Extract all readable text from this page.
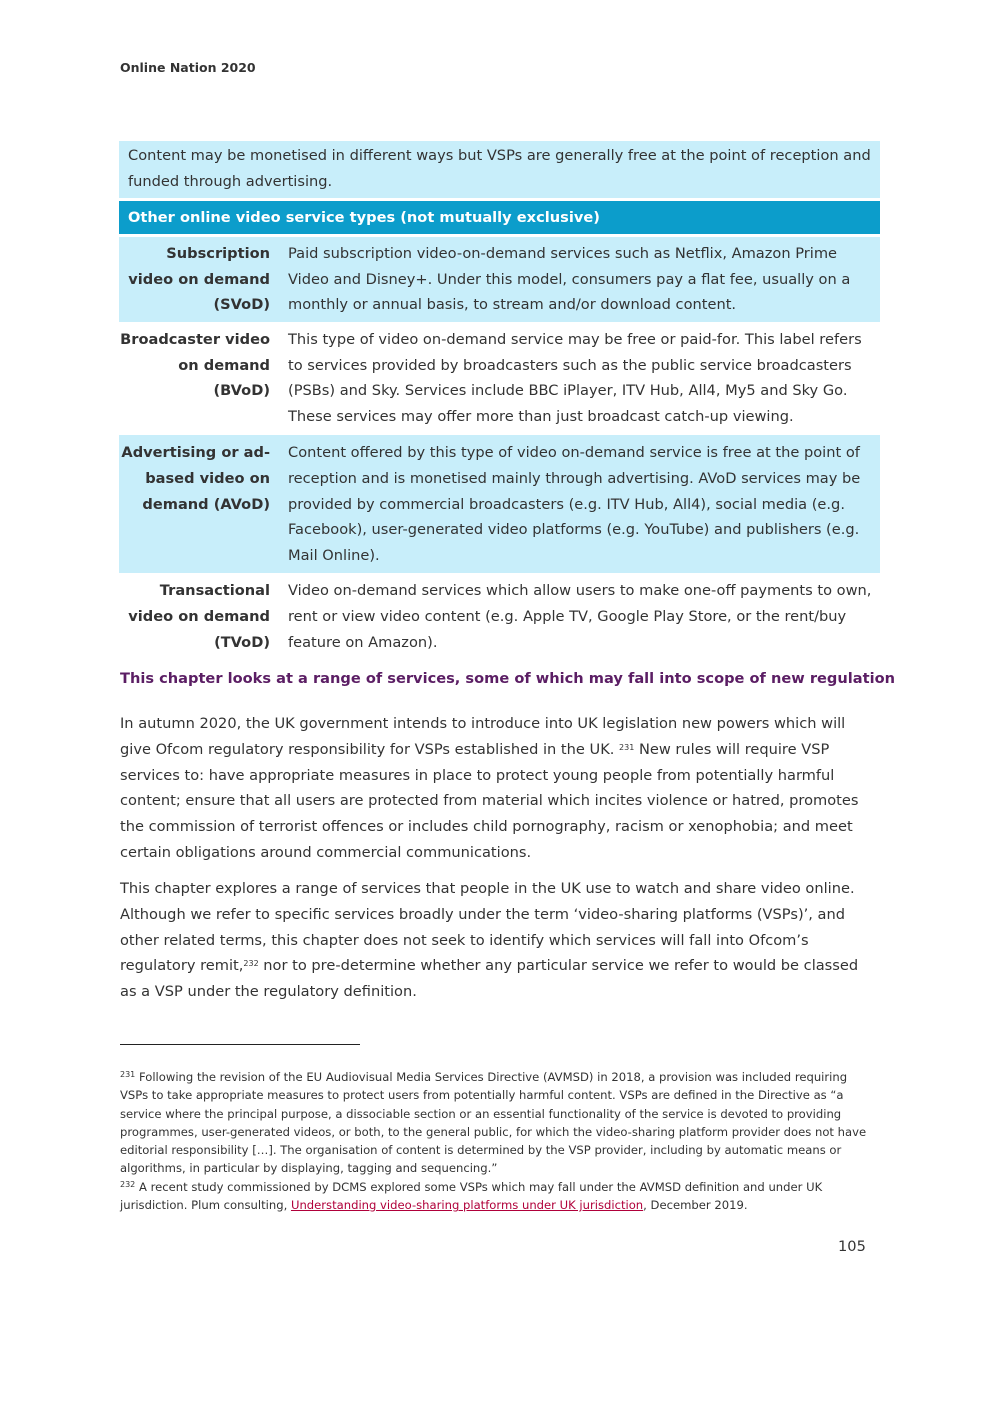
Online Nation 2020
Content may be monetised in different ways but VSPs are generally free at the point of reception and funded through advertising.
Other online video service types (not mutually exclusive)
Subscription video on demand (SVoD)
Paid subscription video-on-demand services such as Netflix, Amazon Prime Video and Disney+. Under this model, consumers pay a flat fee, usually on a monthly or annual basis, to stream and/or download content.
Broadcaster video on demand (BVoD)
This type of video on-demand service may be free or paid-for. This label refers to services provided by broadcasters such as the public service broadcasters (PSBs) and Sky. Services include BBC iPlayer, ITV Hub, All4, My5 and Sky Go. These services may offer more than just broadcast catch-up viewing.
Advertising or ad-based video on demand (AVoD)
Content offered by this type of video on-demand service is free at the point of reception and is monetised mainly through advertising. AVoD services may be provided by commercial broadcasters (e.g. ITV Hub, All4), social media (e.g. Facebook), user-generated video platforms (e.g. YouTube) and publishers (e.g. Mail Online).
Transactional video on demand (TVoD)
Video on-demand services which allow users to make one-off payments to own, rent or view video content (e.g. Apple TV, Google Play Store, or the rent/buy feature on Amazon).
This chapter looks at a range of services, some of which may fall into scope of new regulation
In autumn 2020, the UK government intends to introduce into UK legislation new powers which will give Ofcom regulatory responsibility for VSPs established in the UK. $^{231}$ New rules will require VSP services to: have appropriate measures in place to protect young people from potentially harmful content; ensure that all users are protected from material which incites violence or hatred, promotes the commission of terrorist offences or includes child pornography, racism or xenophobia; and meet certain obligations around commercial communications.
This chapter explores a range of services that people in the UK use to watch and share video online. Although we refer to specific services broadly under the term ‘video-sharing platforms (VSPs)’, and other related terms, this chapter does not seek to identify which services will fall into Ofcom’s regulatory remit,$^{232}$ nor to pre-determine whether any particular service we refer to would be classed as a VSP under the regulatory definition.
$^{231}$ Following the revision of the EU Audiovisual Media Services Directive (AVMSD) in 2018, a provision was included requiring VSPs to take appropriate measures to protect users from potentially harmful content. VSPs are defined in the Directive as “a service where the principal purpose, a dissociable section or an essential functionality of the service is devoted to providing programmes, user-generated videos, or both, to the general public, for which the video-sharing platform provider does not have editorial responsibility […]. The organisation of content is determined by the VSP provider, including by automatic means or algorithms, in particular by displaying, tagging and sequencing.”
$^{232}$ A recent study commissioned by DCMS explored some VSPs which may fall under the AVMSD definition and under UK jurisdiction. Plum consulting, Understanding video-sharing platforms under UK jurisdiction, December 2019.
105
